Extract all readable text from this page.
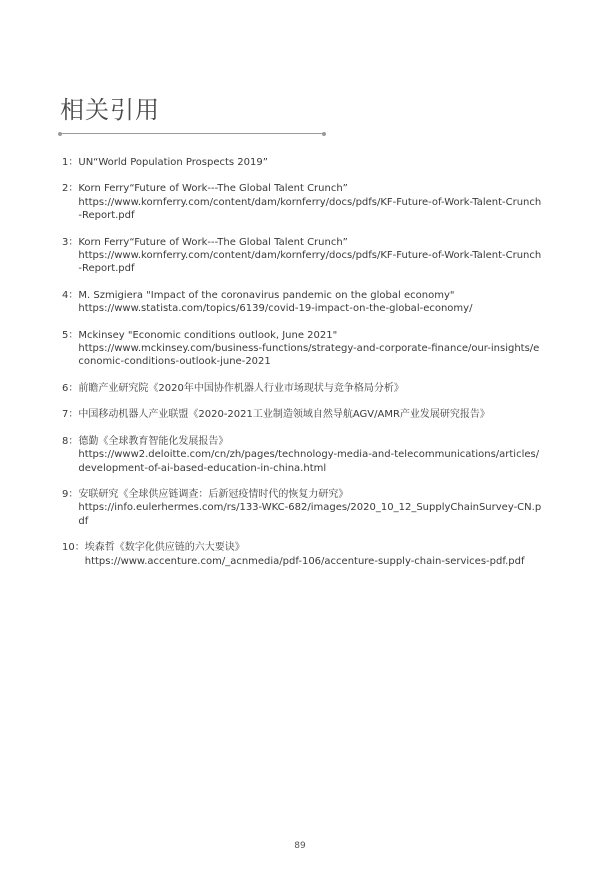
相关引用
1： UN“World Population Prospects 2019”
2： Korn Ferry“Future of Work---The Global Talent Crunch”
https://www.kornferry.com/content/dam/kornferry/docs/pdfs/KF-Future-of-Work-Talent-Crunch-Report.pdf
3： Korn Ferry“Future of Work---The Global Talent Crunch”
https://www.kornferry.com/content/dam/kornferry/docs/pdfs/KF-Future-of-Work-Talent-Crunch-Report.pdf
4： M. Szmigiera "Impact of the coronavirus pandemic on the global economy"
https://www.statista.com/topics/6139/covid-19-impact-on-the-global-economy/
5： Mckinsey "Economic conditions outlook, June 2021"
https://www.mckinsey.com/business-functions/strategy-and-corporate-finance/our-insights/economic-conditions-outlook-june-2021
6： 前瞻产业研究院《2020年中国协作机器人行业市场现状与竞争格局分析》
7： 中国移动机器人产业联盟《2020-2021工业制造领域自然导航AGV/AMR产业发展研究报告》
8： 德勤《全球教育智能化发展报告》
https://www2.deloitte.com/cn/zh/pages/technology-media-and-telecommunications/articles/development-of-ai-based-education-in-china.html
9： 安联研究《全球供应链调查：后新冠疫情时代的恢复力研究》
https://info.eulerhermes.com/rs/133-WKC-682/images/2020_10_12_SupplyChainSurvey-CN.pdf
10： 埃森哲《数字化供应链的六大要诀》
https://www.accenture.com/_acnmedia/pdf-106/accenture-supply-chain-services-pdf.pdf
89
